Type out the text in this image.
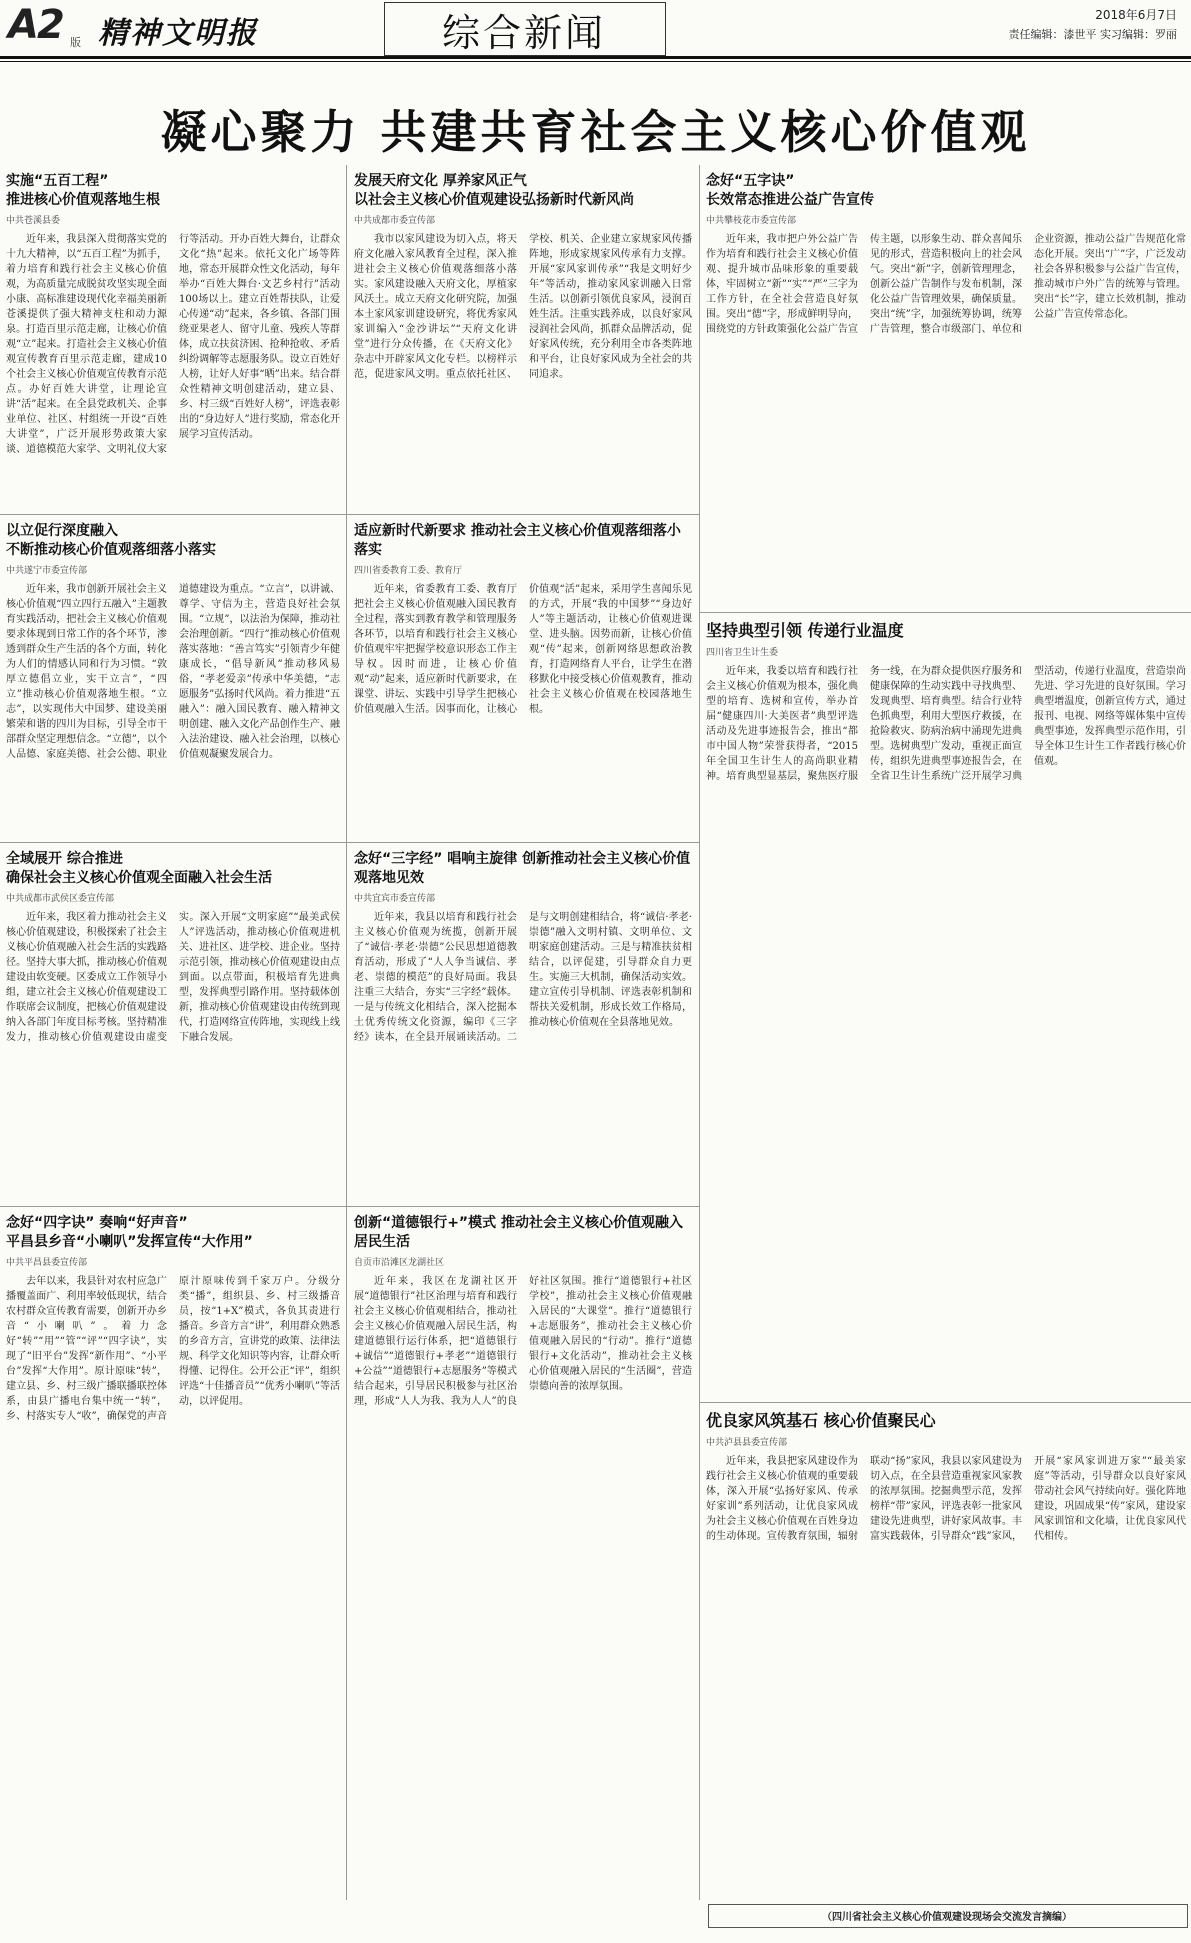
A2 版 精神文明报	综合新闻	2018年6月7日
责任编辑：漆世平 实习编辑：罗丽
凝心聚力 共建共育社会主义核心价值观
实施“五百工程”
推进核心价值观落地生根
中共苍溪县委
近年来，我县深入贯彻落实党的十九大精神，以“五百工程”为抓手，着力培育和践行社会主义核心价值观，为高质量完成脱贫攻坚实现全面小康、高标准建设现代化幸福美丽新苍溪提供了强大精神支柱和动力源泉。打造百里示范走廊，让核心价值观“立”起来。打造社会主义核心价值观宣传教育百里示范走廊，建成10个社会主义核心价值观宣传教育示范点。办好百姓大讲堂，让理论宣讲“活”起来。在全县党政机关、企事业单位、社区、村组统一开设“百姓大讲堂”，广泛开展形势政策大家谈、道德模范大家学、文明礼仪大家行等活动。开办百姓大舞台，让群众文化“热”起来。依托文化广场等阵地，常态开展群众性文化活动，每年举办“百姓大舞台·文艺乡村行”活动100场以上。建立百姓帮扶队，让爱心传递“动”起来，各乡镇、各部门围绕亚果老人、留守儿童、残疾人等群体，成立扶贫济困、抢种抢收、矛盾纠纷调解等志愿服务队。设立百姓好人榜，让好人好事“晒”出来。结合群众性精神文明创建活动，建立县、乡、村三级“百姓好人榜”，评选表彰出的“身边好人”进行奖励，常态化开展学习宣传活动。
发展天府文化 厚养家风正气
以社会主义核心价值观建设弘扬新时代新风尚
中共成都市委宣传部
我市以家风建设为切入点，将天府文化融入家风教育全过程，深入推进社会主义核心价值观落细落小落实。家风建设融入天府文化，厚植家风沃土。成立天府文化研究院，加强本土家风家训建设研究，将优秀家风家训编入“金沙讲坛”“天府文化讲堂”进行分众传播，在《天府文化》杂志中开辟家风文化专栏。以榜样示范，促进家风文明。重点依托社区、学校、机关、企业建立家规家风传播阵地，形成家规家风传承有力支撑。开展“家风家训传承”“我是文明好少年”等活动，推动家风家训融入日常生活。以创新引领优良家风，浸润百姓生活。注重实践养成，以良好家风浸润社会风尚，抓群众品牌活动，促好家风传统，充分利用全市各类阵地和平台，让良好家风成为全社会的共同追求。
念好“五字诀”
长效常态推进公益广告宣传
中共攀枝花市委宣传部
近年来，我市把户外公益广告作为培育和践行社会主义核心价值观、提升城市品味形象的重要载体，牢固树立“新”“实”“严”三字为工作方针，在全社会营造良好氛围。突出“德”字，形成鲜明导向，围绕党的方针政策强化公益广告宣传主题，以形象生动、群众喜闻乐见的形式，营造积极向上的社会风气。突出“新”字，创新管理理念，创新公益广告制作与发布机制，深化公益广告管理效果，确保质量。突出“统”字，加强统筹协调，统筹广告管理，整合市级部门、单位和企业资源，推动公益广告规范化常态化开展。突出“广”字，广泛发动社会各界积极参与公益广告宣传，推动城市户外广告的统筹与管理。突出“长”字，建立长效机制，推动公益广告宣传常态化。
以立促行深度融入
不断推动核心价值观落细落小落实
中共遂宁市委宣传部
近年来，我市创新开展社会主义核心价值观“四立四行五融入”主题教育实践活动，把社会主义核心价值观要求体现到日常工作的各个环节，渗透到群众生产生活的各个方面，转化为人们的情感认同和行为习惯。“敦厚立德倡立业，实干立言”，“四立”推动核心价值观落地生根。“立志”，以实现伟大中国梦、建设美丽繁荣和谐的四川为目标，引导全市干部群众坚定理想信念。“立德”，以个人品德、家庭美德、社会公德、职业道德建设为重点。“立言”，以讲诚、尊学、守信为主，营造良好社会氛围。“立规”，以法治为保障，推动社会治理创新。“四行”推动核心价值观落实落地：“善言笃实”引领青少年健康成长，“倡导新风”推动移风易俗，“孝老爱亲”传承中华美德，“志愿服务”弘扬时代风尚。着力推进“五融入”：融入国民教育、融入精神文明创建、融入文化产品创作生产、融入法治建设、融入社会治理，以核心价值观凝聚发展合力。
适应新时代新要求 推动社会主义核心价值观落细落小落实
四川省委教育工委、教育厅
近年来，省委教育工委、教育厅把社会主义核心价值观融入国民教育全过程，落实到教育教学和管理服务各环节，以培育和践行社会主义核心价值观牢牢把握学校意识形态工作主导权。因时而进，让核心价值观“动”起来，适应新时代新要求，在课堂、讲坛、实践中引导学生把核心价值观融入生活。因事而化，让核心价值观“活”起来，采用学生喜闻乐见的方式，开展“我的中国梦”“身边好人”等主题活动，让核心价值观进课堂、进头脑。因势而新，让核心价值观“传”起来，创新网络思想政治教育，打造网络育人平台，让学生在潜移默化中接受核心价值观教育，推动社会主义核心价值观在校园落地生根。
全域展开 综合推进
确保社会主义核心价值观全面融入社会生活
中共成都市武侯区委宣传部
近年来，我区着力推动社会主义核心价值观建设，积极探索了社会主义核心价值观融入社会生活的实践路径。坚持大事大抓，推动核心价值观建设由软变硬。区委成立工作领导小组，建立社会主义核心价值观建设工作联席会议制度，把核心价值观建设纳入各部门年度目标考核。坚持精准发力，推动核心价值观建设由虚变实。深入开展“文明家庭”“最美武侯人”评选活动，推动核心价值观进机关、进社区、进学校、进企业。坚持示范引领，推动核心价值观建设由点到面。以点带面，积极培育先进典型，发挥典型引路作用。坚持载体创新，推动核心价值观建设由传统到现代，打造网络宣传阵地，实现线上线下融合发展。
念好“三字经” 唱响主旋律 创新推动社会主义核心价值观落地见效
中共宜宾市委宣传部
近年来，我县以培育和践行社会主义核心价值观为统揽，创新开展了“诚信·孝老·崇德”公民思想道德教育活动，形成了“人人争当诚信、孝老、崇德的模范”的良好局面。我县注重三大结合，夯实“三字经”载体。一是与传统文化相结合，深入挖掘本土优秀传统文化资源，编印《三字经》读本，在全县开展诵读活动。二是与文明创建相结合，将“诚信·孝老·崇德”融入文明村镇、文明单位、文明家庭创建活动。三是与精准扶贫相结合，以评促建，引导群众自力更生。实施三大机制，确保活动实效。建立宣传引导机制、评选表彰机制和帮扶关爱机制，形成长效工作格局，推动核心价值观在全县落地见效。
坚持典型引领 传递行业温度
四川省卫生计生委
近年来，我委以培育和践行社会主义核心价值观为根本，强化典型的培育、选树和宣传，举办首届“健康四川·大美医者”典型评选活动及先进事迹报告会，推出“都市中国人物”荣誉获得者，“2015年全国卫生计生人的高尚职业精神。培育典型显基层，聚焦医疗服务一线，在为群众提供医疗服务和健康保障的生动实践中寻找典型、发现典型、培育典型。结合行业特色抓典型，利用大型医疗救援，在抢险救灾、防病治病中涌现先进典型。选树典型广发动，重视正面宣传，组织先进典型事迹报告会，在全省卫生计生系统广泛开展学习典型活动，传递行业温度，营造崇尚先进、学习先进的良好氛围。学习典型增温度，创新宣传方式，通过报刊、电视、网络等媒体集中宣传典型事迹，发挥典型示范作用，引导全体卫生计生工作者践行核心价值观。
优良家风筑基石 核心价值聚民心
中共泸县县委宣传部
近年来，我县把家风建设作为践行社会主义核心价值观的重要载体，深入开展“弘扬好家风、传承好家训”系列活动，让优良家风成为社会主义核心价值观在百姓身边的生动体现。宣传教育氛围，辐射联动“扬”家风，我县以家风建设为切入点，在全县营造重视家风家教的浓厚氛围。挖掘典型示范，发挥榜样“带”家风，评选表彰一批家风建设先进典型，讲好家风故事。丰富实践载体，引导群众“践”家风，开展“家风家训进万家”“最美家庭”等活动，引导群众以良好家风带动社会风气持续向好。强化阵地建设，巩固成果“传”家风，建设家风家训馆和文化墙，让优良家风代代相传。
念好“四字诀” 奏响“好声音”
平昌县乡音“小喇叭”发挥宣传“大作用”
中共平昌县委宣传部
去年以来，我县针对农村应急广播覆盖面广、利用率较低现状，结合农村群众宣传教育需要，创新开办乡音“小喇叭”。着力念好“转”“用”“管”“评”“四字诀”，实现了“旧平台”发挥“新作用”、“小平台”发挥“大作用”。原计原味“转”，建立县、乡、村三级广播联播联控体系，由县广播电台集中统一“转”，乡、村落实专人“收”，确保党的声音原汁原味传到千家万户。分级分类“播”，组织县、乡、村三级播音员，按“1+X”模式，各负其责进行播音。乡音方言“讲”，利用群众熟悉的乡音方言，宣讲党的政策、法律法规、科学文化知识等内容，让群众听得懂、记得住。公开公正“评”，组织评选“十佳播音员”“优秀小喇叭”等活动，以评促用。
创新“道德银行+”模式 推动社会主义核心价值观融入居民生活
自贡市沿滩区龙湖社区
近年来，我区在龙湖社区开展“道德银行”社区治理与培育和践行社会主义核心价值观相结合，推动社会主义核心价值观融入居民生活，构建道德银行运行体系，把“道德银行+诚信”“道德银行+孝老”“道德银行+公益”“道德银行+志愿服务”等模式结合起来，引导居民积极参与社区治理，形成“人人为我、我为人人”的良好社区氛围。推行“道德银行+社区学校”，推动社会主义核心价值观融入居民的“大课堂”。推行“道德银行+志愿服务”，推动社会主义核心价值观融入居民的“行动”。推行“道德银行+文化活动”，推动社会主义核心价值观融入居民的“生活圈”，营造崇德向善的浓厚氛围。
（四川省社会主义核心价值观建设现场会交流发言摘编）
